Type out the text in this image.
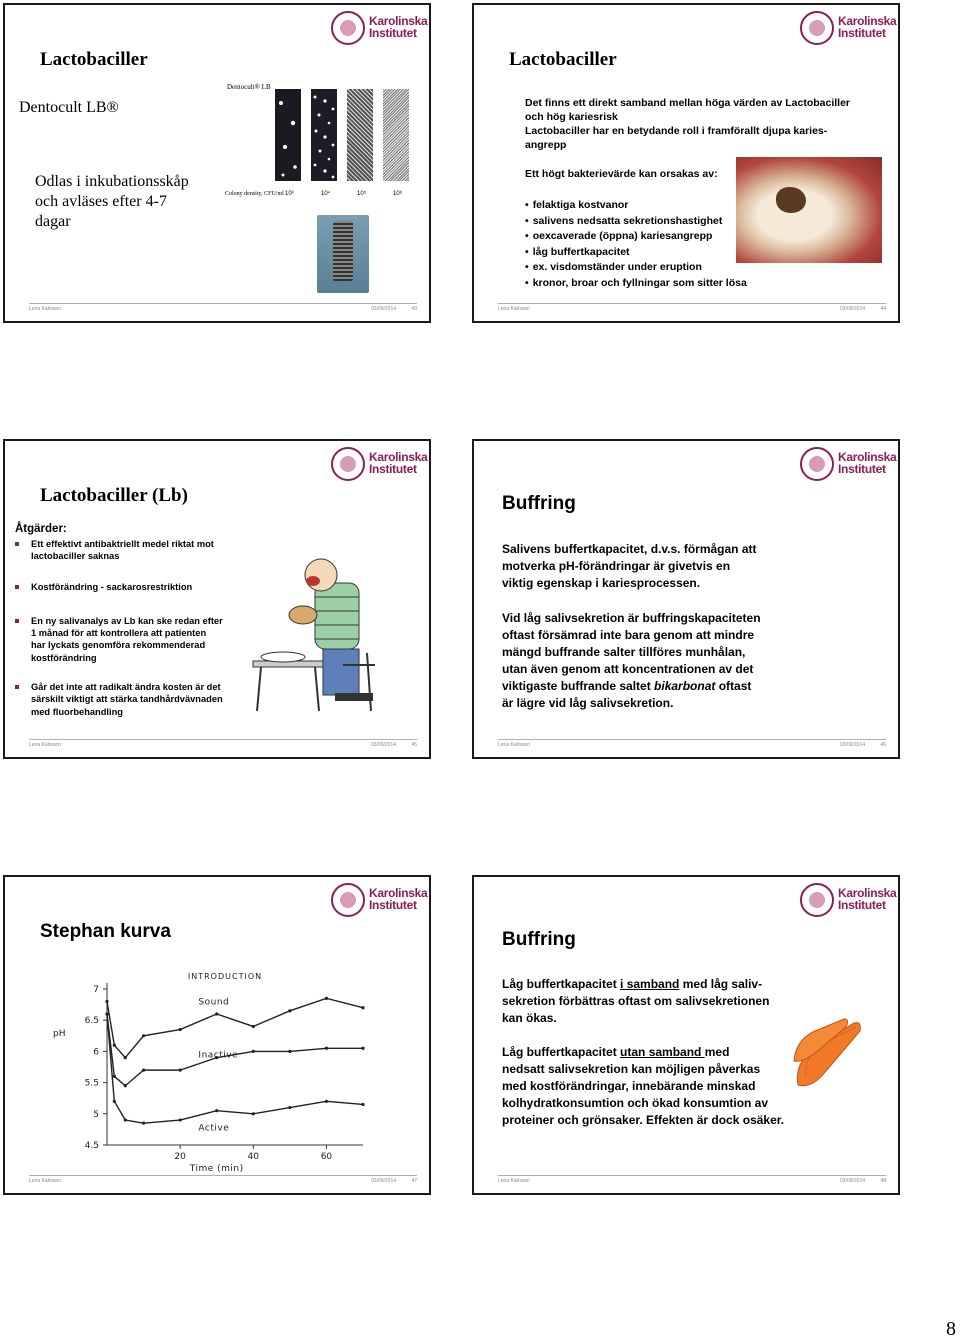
Karolinska
Institutet
Lactobaciller
Dentocult LB®
Odlas i inkubationsskåp
och avläses efter 4-7
dagar
Dentocult® LB
Colony density, CFU/ml 10³	10⁴	10⁵	10⁶
Lena Karlsson	03/09/2014	43
Karolinska
Institutet
Lactobaciller
Det finns ett direkt samband mellan höga värden av Lactobaciller
och hög kariesrisk
Lactobaciller har en betydande roll i framförallt djupa karies-
angrepp
Ett högt bakterievärde kan orsakas av:
• felaktiga kostvanor
• salivens nedsatta sekretionshastighet
• oexcaverade (öppna) kariesangrepp
• låg buffertkapacitet
• ex. visdomständer under eruption
• kronor, broar och fyllningar som sitter lösa
Lena Karlsson	03/09/2014	44
Karolinska
Institutet
Lactobaciller (Lb)
Åtgärder:
Ett effektivt antibaktriellt medel riktat mot
lactobaciller saknas
Kostförändring - sackarosrestriktion
En ny salivanalys av Lb kan ske redan efter
1 månad för att kontrollera att patienten
har lyckats genomföra rekommenderad
kostförändring
Går det inte att radikalt ändra kosten är det
särskilt viktigt att stärka tandhårdvävnaden
med fluorbehandling
Lena Karlsson	03/09/2014	45
Karolinska
Institutet
Buffring
Salivens buffertkapacitet, d.v.s. förmågan att
motverka pH-förändringar är givetvis en
viktig egenskap i kariesprocessen.
Vid låg salivsekretion är buffringskapaciteten
oftast försämrad inte bara genom att mindre
mängd buffrande salter tillföres munhålan,
utan även genom att koncentrationen av det
viktigaste buffrande saltet bikarbonat oftast
är lägre vid låg salivsekretion.
Lena Karlsson	03/09/2014	46
Karolinska
Institutet
Stephan kurva
INTRODUCTION
pH
7
6.5
6
5.5
5
4.5
20	40	60
Time (min)
Sound
Inactive
Active
Lena Karlsson	03/09/2014	47
Karolinska
Institutet
Buffring
Låg buffertkapacitet i samband med låg saliv-
sekretion förbättras oftast om salivsekretionen
kan ökas.
Låg buffertkapacitet utan samband med
nedsatt salivsekretion kan möjligen påverkas
med kostförändringar, innebärande minskad
kolhydratkonsumtion och ökad konsumtion av
proteiner och grönsaker. Effekten är dock osäker.
Lena Karlsson	03/09/2014	48
8
